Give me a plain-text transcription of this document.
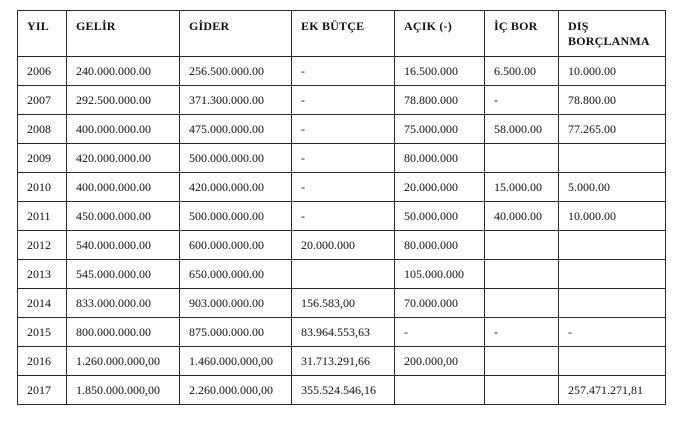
YIL	GELİR	GİDER	EK BÜTÇE	AÇIK (-)	İÇ BOR	DIŞ BORÇLANMA
2006	240.000.000.00	256.500.000.00	-	16.500.000	6.500.00	10.000.00
2007	292.500.000.00	371.300.000.00	-	78.800.000	-	78.800.00
2008	400.000.000.00	475.000.000.00	-	75.000.000	58.000.00	77.265.00
2009	420.000.000.00	500.000.000.00	-	80.000.000		
2010	400.000.000.00	420.000.000.00	-	20.000.000	15.000.00	5.000.00
2011	450.000.000.00	500.000.000.00	-	50.000.000	40.000.00	10.000.00
2012	540.000.000.00	600.000.000.00	20.000.000	80.000.000		
2013	545.000.000.00	650.000.000.00		105.000.000		
2014	833.000.000.00	903.000.000.00	156.583,00	70.000.000		
2015	800.000.000.00	875.000.000.00	83.964.553,63	-	-	-
2016	1.260.000.000,00	1.460.000.000,00	31.713.291,66	200.000,00		
2017	1.850.000.000,00	2.260.000.000,00	355.524.546,16			257.471.271,81
